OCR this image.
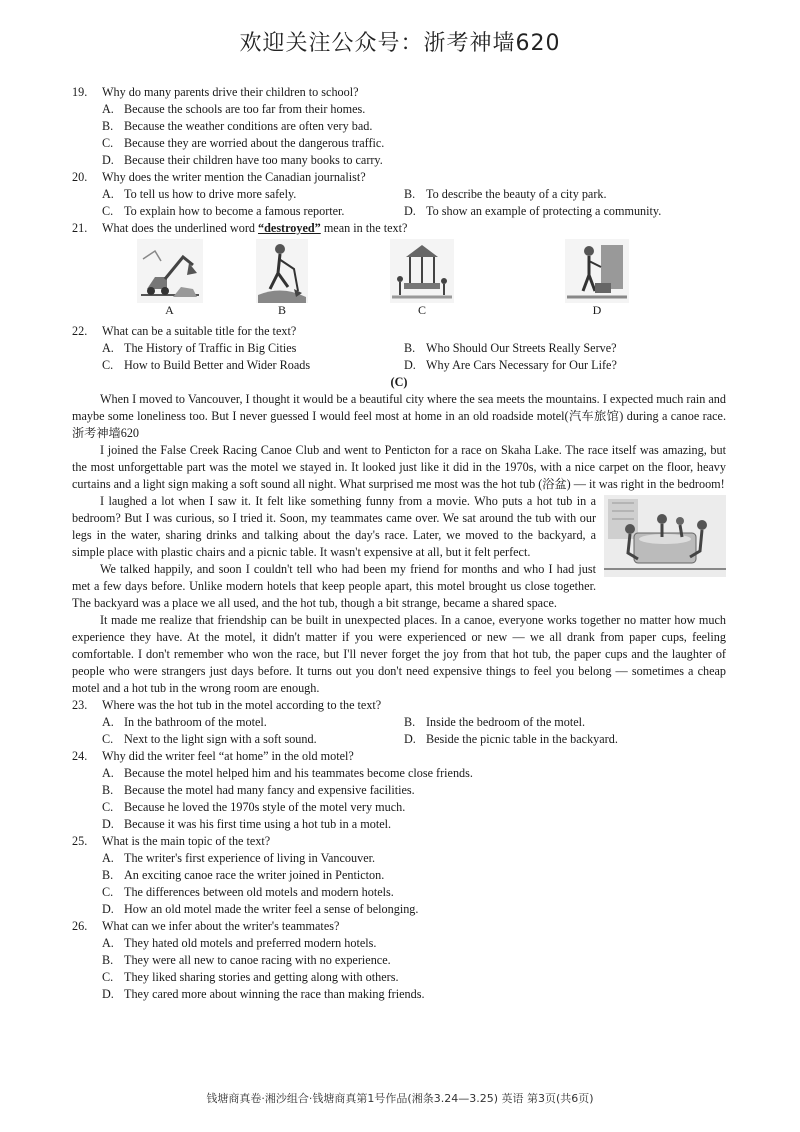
欢迎关注公众号：浙考神墙620
19. Why do many parents drive their children to school?
A. Because the schools are too far from their homes.
B. Because the weather conditions are often very bad.
C. Because they are worried about the dangerous traffic.
D. Because their children have too many books to carry.
20. Why does the writer mention the Canadian journalist?
A. To tell us how to drive more safely.	B. To describe the beauty of a city park.
C. To explain how to become a famous reporter.	D. To show an example of protecting a community.
21. What does the underlined word “destroyed” mean in the text?
A	B	C	D
22. What can be a suitable title for the text?
A. The History of Traffic in Big Cities	B. Who Should Our Streets Really Serve?
C. How to Build Better and Wider Roads	D. Why Are Cars Necessary for Our Life?

(C)

When I moved to Vancouver, I thought it would be a beautiful city where the sea meets the mountains. I expected much rain and maybe some loneliness too. But I never guessed I would feel most at home in an old roadside motel(汽车旅馆) during a canoe race. 浙考神墙620

I joined the False Creek Racing Canoe Club and went to Penticton for a race on Skaha Lake. The race itself was amazing, but the most unforgettable part was the motel we stayed in. It looked just like it did in the 1970s, with a nice carpet on the floor, heavy curtains and a light sign making a soft sound all night. What surprised me most was the hot tub (浴盆) — it was right in the bedroom!

I laughed a lot when I saw it. It felt like something funny from a movie. Who puts a hot tub in a bedroom? But I was curious, so I tried it. Soon, my teammates came over. We sat around the tub with our legs in the water, sharing drinks and talking about the day's race. Later, we moved to the backyard, a simple place with plastic chairs and a picnic table. It wasn't expensive at all, but it felt perfect.

We talked happily, and soon I couldn't tell who had been my friend for months and who I had just met a few days before. Unlike modern hotels that keep people apart, this motel brought us close together. The backyard was a place we all used, and the hot tub, though a bit strange, became a shared space.

It made me realize that friendship can be built in unexpected places. In a canoe, everyone works together no matter how much experience they have. At the motel, it didn't matter if you were experienced or new — we all drank from paper cups, feeling comfortable. I don't remember who won the race, but I'll never forget the joy from that hot tub, the paper cups and the laughter of people who were strangers just days before. It turns out you don't need expensive things to feel you belong — sometimes a cheap motel and a hot tub in the wrong room are enough.

23. Where was the hot tub in the motel according to the text?
A. In the bathroom of the motel.	B. Inside the bedroom of the motel.
C. Next to the light sign with a soft sound.	D. Beside the picnic table in the backyard.
24. Why did the writer feel “at home” in the old motel?
A. Because the motel helped him and his teammates become close friends.
B. Because the motel had many fancy and expensive facilities.
C. Because he loved the 1970s style of the motel very much.
D. Because it was his first time using a hot tub in a motel.
25. What is the main topic of the text?
A. The writer's first experience of living in Vancouver.
B. An exciting canoe race the writer joined in Penticton.
C. The differences between old motels and modern hotels.
D. How an old motel made the writer feel a sense of belonging.
26. What can we infer about the writer's teammates?
A. They hated old motels and preferred modern hotels.
B. They were all new to canoe racing with no experience.
C. They liked sharing stories and getting along with others.
D. They cared more about winning the race than making friends.
钱塘商真卷·湘沙组合·钱塘商真第1号作品(湘条3.24—3.25) 英语 第3页(共6页)
